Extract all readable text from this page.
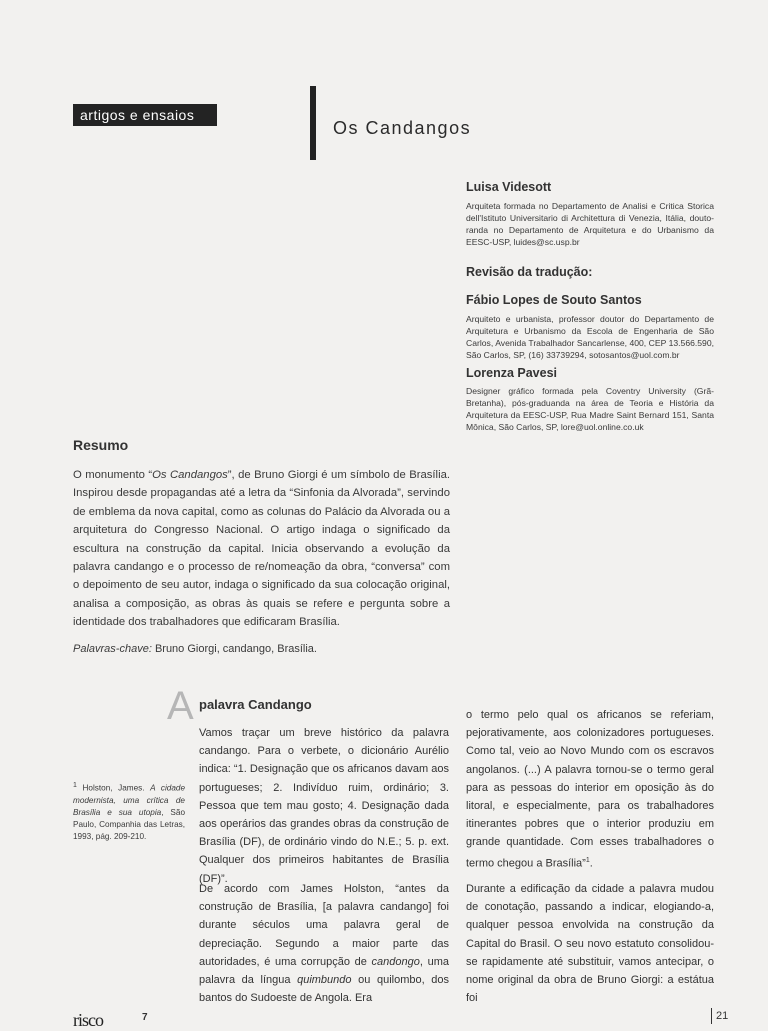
artigos e ensaios
Os Candangos
Luisa Videsott
Arquiteta formada no Departamento de Analisi e Critica Storica dell'Istituto Universitario di Architettura di Venezia, Itália, douto-randa no Departamento de Arquitetura e do Urbanismo da EESC-USP, luides@sc.usp.br
Revisão da tradução:
Fábio Lopes de Souto Santos
Arquiteto e urbanista, professor doutor do Departamento de Arquitetura e Urbanismo da Escola de Engenharia de São Carlos, Avenida Trabalhador Sancarlense, 400, CEP 13.566.590, São Carlos, SP, (16) 33739294, sotosantos@uol.com.br
Lorenza Pavesi
Designer gráfico formada pela Coventry University (Grã-Bretanha), pós-graduanda na área de Teoria e História da Arquitetura da EESC-USP, Rua Madre Saint Bernard 151, Santa Mônica, São Carlos, SP, lore@uol.online.co.uk
Resumo
O monumento “Os Candangos”, de Bruno Giorgi é um símbolo de Brasília. Inspirou desde propagandas até a letra da “Sinfonia da Alvorada”, servindo de emblema da nova capital, como as colunas do Palácio da Alvorada ou a arquitetura do Congresso Nacional. O artigo indaga o significado da escultura na construção da capital. Inicia observando a evolução da palavra candango e o processo de re/nomeação da obra, “conversa” com o depoimento de seu autor, indaga o significado da sua colocação original, analisa a composição, as obras às quais se refere e pergunta sobre a identidade dos trabalhadores que edificaram Brasília.
Palavras-chave: Bruno Giorgi, candango, Brasília.
A palavra Candango
Vamos traçar um breve histórico da palavra candango. Para o verbete, o dicionário Aurélio indica: “1. Designação que os africanos davam aos portugueses; 2. Indivíduo ruim, ordinário; 3. Pessoa que tem mau gosto; 4. Designação dada aos operários das grandes obras da construção de Brasília (DF), de ordinário vindo do N.E.; 5. p. ext. Qualquer dos primeiros habitantes de Brasília (DF)”.
De acordo com James Holston, “antes da construção de Brasília, [a palavra candango] foi durante séculos uma palavra geral de depreciação. Segundo a maior parte das autoridades, é uma corrupção de candongo, uma palavra da língua quimbundo ou quilombo, dos bantos do Sudoeste de Angola. Era
o termo pelo qual os africanos se referiam, pejorativamente, aos colonizadores portugueses. Como tal, veio ao Novo Mundo com os escravos angolanos. (...) A palavra tornou-se o termo geral para as pessoas do interior em oposição às do litoral, e especialmente, para os trabalhadores itinerantes pobres que o interior produziu em grande quantidade. Com esses trabalhadores o termo chegou a Brasília”$^1$.
Durante a edificação da cidade a palavra mudou de conotação, passando a indicar, elogiando-a, qualquer pessoa envolvida na construção da Capital do Brasil. O seu novo estatuto consolidou-se rapidamente até substituir, vamos antecipar, o nome original da obra de Bruno Giorgi: a estátua foi
$^1$ Holston, James. A cidade modernista, uma crítica de Brasília e sua utopia, São Paulo, Companhia das Letras, 1993, pág. 209-210.
risco	7	21
